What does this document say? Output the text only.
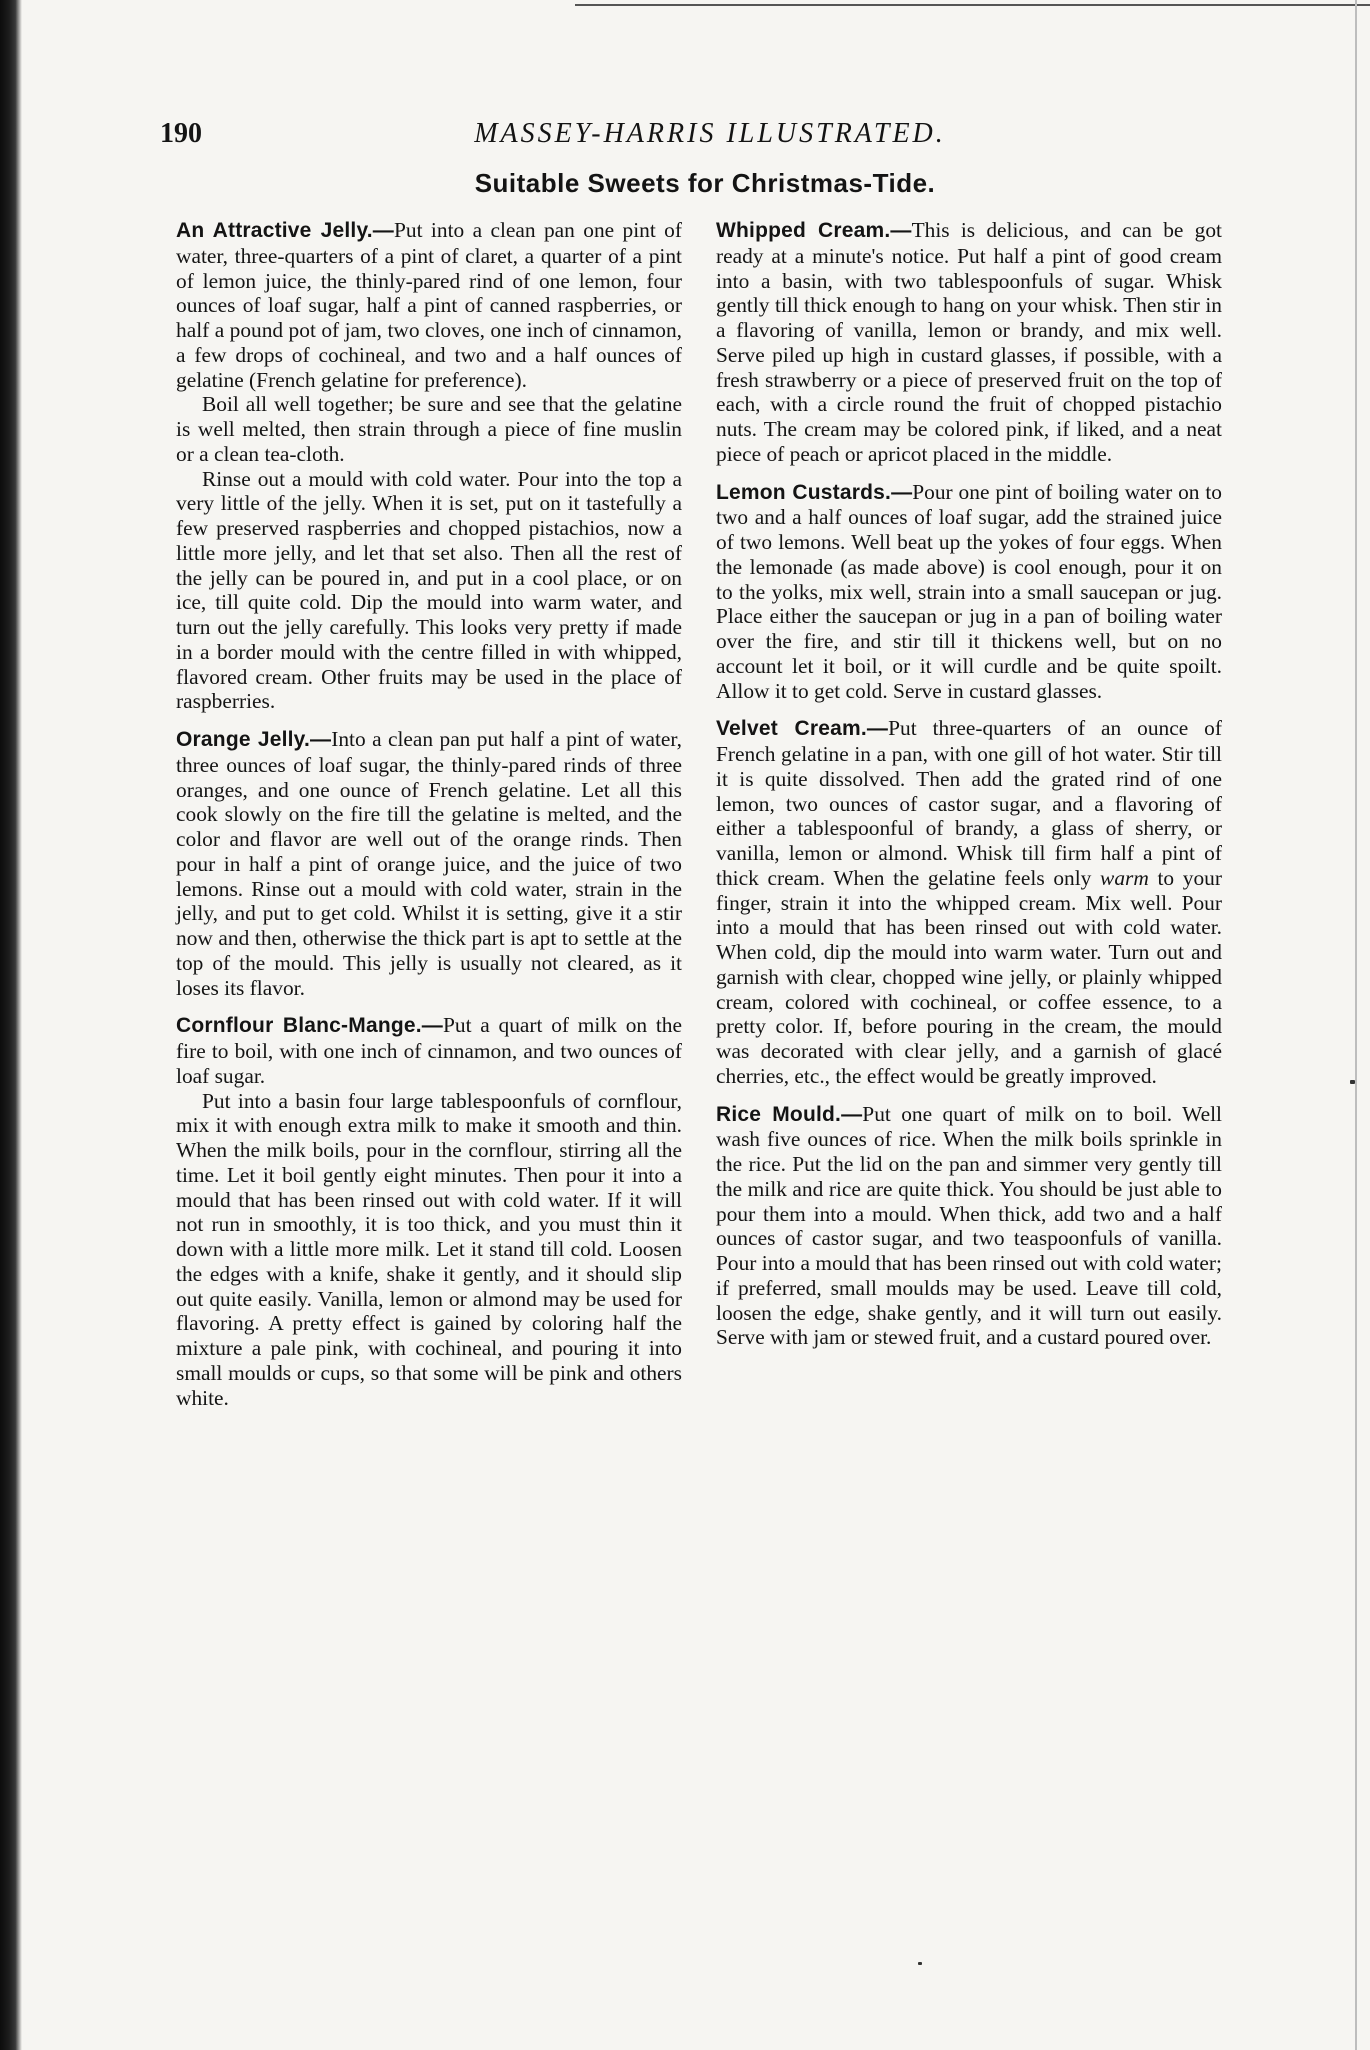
190	MASSEY-HARRIS ILLUSTRATED.
Suitable Sweets for Christmas-Tide.

An Attractive Jelly.—Put into a clean pan one pint of water, three-quarters of a pint of claret, a quarter of a pint of lemon juice, the thinly-pared rind of one lemon, four ounces of loaf sugar, half a pint of canned raspberries, or half a pound pot of jam, two cloves, one inch of cinnamon, a few drops of cochineal, and two and a half ounces of gelatine (French gelatine for preference).

Boil all well together; be sure and see that the gelatine is well melted, then strain through a piece of fine muslin or a clean tea-cloth.

Rinse out a mould with cold water. Pour into the top a very little of the jelly. When it is set, put on it tastefully a few preserved raspberries and chopped pistachios, now a little more jelly, and let that set also. Then all the rest of the jelly can be poured in, and put in a cool place, or on ice, till quite cold. Dip the mould into warm water, and turn out the jelly carefully. This looks very pretty if made in a border mould with the centre filled in with whipped, flavored cream. Other fruits may be used in the place of raspberries.

Orange Jelly.—Into a clean pan put half a pint of water, three ounces of loaf sugar, the thinly-pared rinds of three oranges, and one ounce of French gelatine. Let all this cook slowly on the fire till the gelatine is melted, and the color and flavor are well out of the orange rinds. Then pour in half a pint of orange juice, and the juice of two lemons. Rinse out a mould with cold water, strain in the jelly, and put to get cold. Whilst it is setting, give it a stir now and then, otherwise the thick part is apt to settle at the top of the mould. This jelly is usually not cleared, as it loses its flavor.

Cornflour Blanc-Mange.—Put a quart of milk on the fire to boil, with one inch of cinnamon, and two ounces of loaf sugar.

Put into a basin four large tablespoonfuls of cornflour, mix it with enough extra milk to make it smooth and thin. When the milk boils, pour in the cornflour, stirring all the time. Let it boil gently eight minutes. Then pour it into a mould that has been rinsed out with cold water. If it will not run in smoothly, it is too thick, and you must thin it down with a little more milk. Let it stand till cold. Loosen the edges with a knife, shake it gently, and it should slip out quite easily. Vanilla, lemon or almond may be used for flavoring. A pretty effect is gained by coloring half the mixture a pale pink, with cochineal, and pouring it into small moulds or cups, so that some will be pink and others white.

Whipped Cream.—This is delicious, and can be got ready at a minute's notice. Put half a pint of good cream into a basin, with two tablespoonfuls of sugar. Whisk gently till thick enough to hang on your whisk. Then stir in a flavoring of vanilla, lemon or brandy, and mix well. Serve piled up high in custard glasses, if possible, with a fresh strawberry or a piece of preserved fruit on the top of each, with a circle round the fruit of chopped pistachio nuts. The cream may be colored pink, if liked, and a neat piece of peach or apricot placed in the middle.

Lemon Custards.—Pour one pint of boiling water on to two and a half ounces of loaf sugar, add the strained juice of two lemons. Well beat up the yokes of four eggs. When the lemonade (as made above) is cool enough, pour it on to the yolks, mix well, strain into a small saucepan or jug. Place either the saucepan or jug in a pan of boiling water over the fire, and stir till it thickens well, but on no account let it boil, or it will curdle and be quite spoilt. Allow it to get cold. Serve in custard glasses.

Velvet Cream.—Put three-quarters of an ounce of French gelatine in a pan, with one gill of hot water. Stir till it is quite dissolved. Then add the grated rind of one lemon, two ounces of castor sugar, and a flavoring of either a tablespoonful of brandy, a glass of sherry, or vanilla, lemon or almond. Whisk till firm half a pint of thick cream. When the gelatine feels only warm to your finger, strain it into the whipped cream. Mix well. Pour into a mould that has been rinsed out with cold water. When cold, dip the mould into warm water. Turn out and garnish with clear, chopped wine jelly, or plainly whipped cream, colored with cochineal, or coffee essence, to a pretty color. If, before pouring in the cream, the mould was decorated with clear jelly, and a garnish of glacé cherries, etc., the effect would be greatly improved.

Rice Mould.—Put one quart of milk on to boil. Well wash five ounces of rice. When the milk boils sprinkle in the rice. Put the lid on the pan and simmer very gently till the milk and rice are quite thick. You should be just able to pour them into a mould. When thick, add two and a half ounces of castor sugar, and two teaspoonfuls of vanilla. Pour into a mould that has been rinsed out with cold water; if preferred, small moulds may be used. Leave till cold, loosen the edge, shake gently, and it will turn out easily. Serve with jam or stewed fruit, and a custard poured over.
